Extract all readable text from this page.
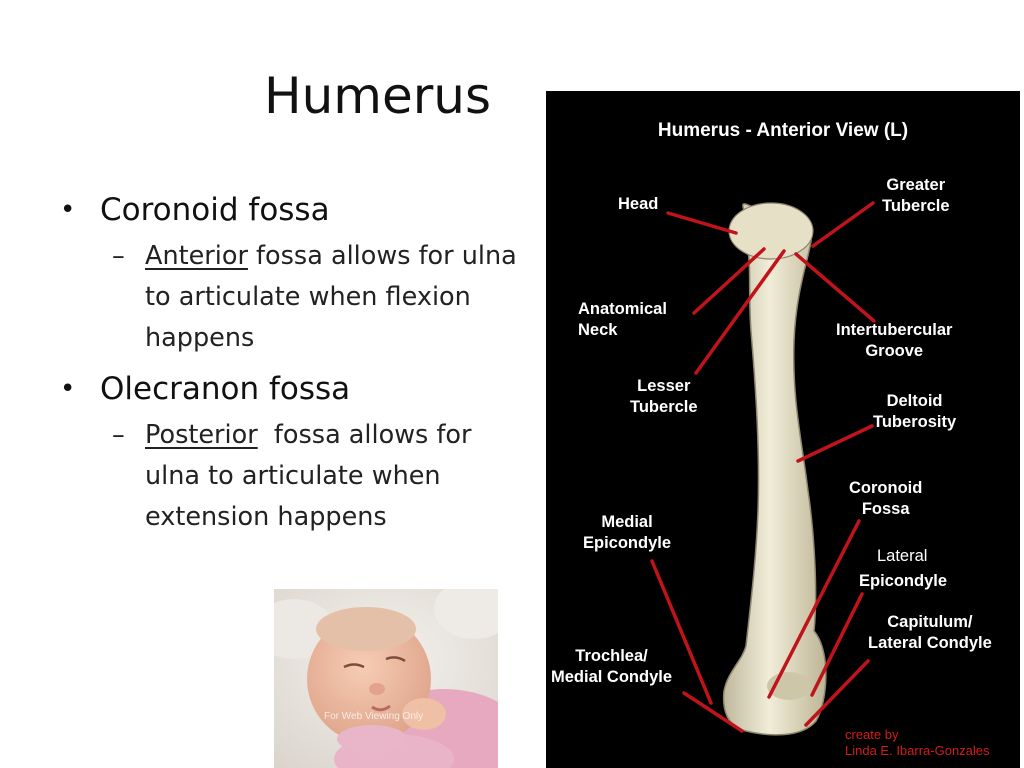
Humerus
• Coronoid fossa
– Anterior fossa allows for ulna to articulate when flexion happens
• Olecranon fossa
– Posterior  fossa allows for ulna to articulate when extension happens
For Web Viewing Only
Humerus - Anterior View (L)
Head
Greater
Tubercle
Anatomical
Neck	Intertubercular
Groove
Lesser
Tubercle	Deltoid
Tuberosity
Coronoid
Fossa
Medial
Epicondyle
Lateral
Epicondyle
Capitulum/
Lateral Condyle
Trochlea/
Medial Condyle
create by
Linda E. Ibarra-Gonzales
